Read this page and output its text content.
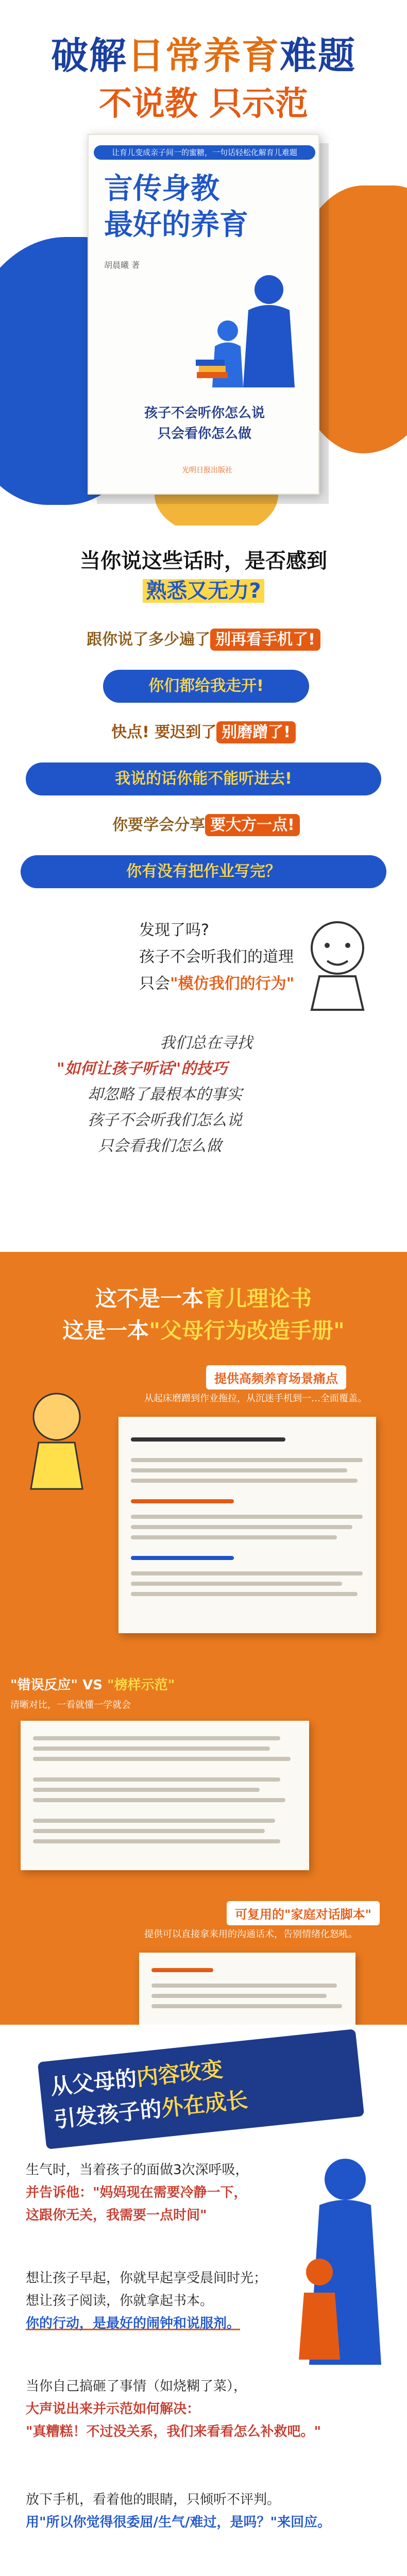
破解日常养育难题
不说教 只示范
让育儿变成亲子间一的蜜糖，一句话轻松化解育儿难题
言传身教
最好的养育
胡晨曦 著
孩子不会听你怎么说
只会看你怎么做
光明日报出版社
当你说这些话时，是否感到
熟悉又无力?
跟你说了多少遍了 别再看手机了!
你们都给我走开!
快点! 要迟到了 别磨蹭了!
我说的话你能不能听进去!
你要学会分享 要大方一点!
你有没有把作业写完？
发现了吗?
孩子不会听我们的道理
只会"模仿我们的行为"
我们总在寻找
"如何让孩子听话"的技巧
却忽略了最根本的事实
孩子不会听我们怎么说
只会看我们怎么做
这不是一本育儿理论书
这是一本"父母行为改造手册"
提供高频养育场景痛点
从起床磨蹭到作业拖拉，从沉迷手机到一…全面覆盖。
"错误反应" VS "榜样示范"
清晰对比，一看就懂一学就会
可复用的"家庭对话脚本"
提供可以直接拿来用的沟通话术，告别情绪化怒吼。
从父母的内容改变
引发孩子的外在成长
生气时，当着孩子的面做3次深呼吸，
并告诉他："妈妈现在需要冷静一下，
这跟你无关，我需要一点时间"
想让孩子早起，你就早起享受晨间时光；
想让孩子阅读，你就拿起书本。
你的行动，是最好的闹钟和说服剂。
当你自己搞砸了事情（如烧糊了菜），
大声说出来并示范如何解决：
"真糟糕！不过没关系，我们来看看怎么补救吧。"
放下手机，看着他的眼睛，只倾听不评判。
用"所以你觉得很委屈/生气/难过，是吗？"来回应。
